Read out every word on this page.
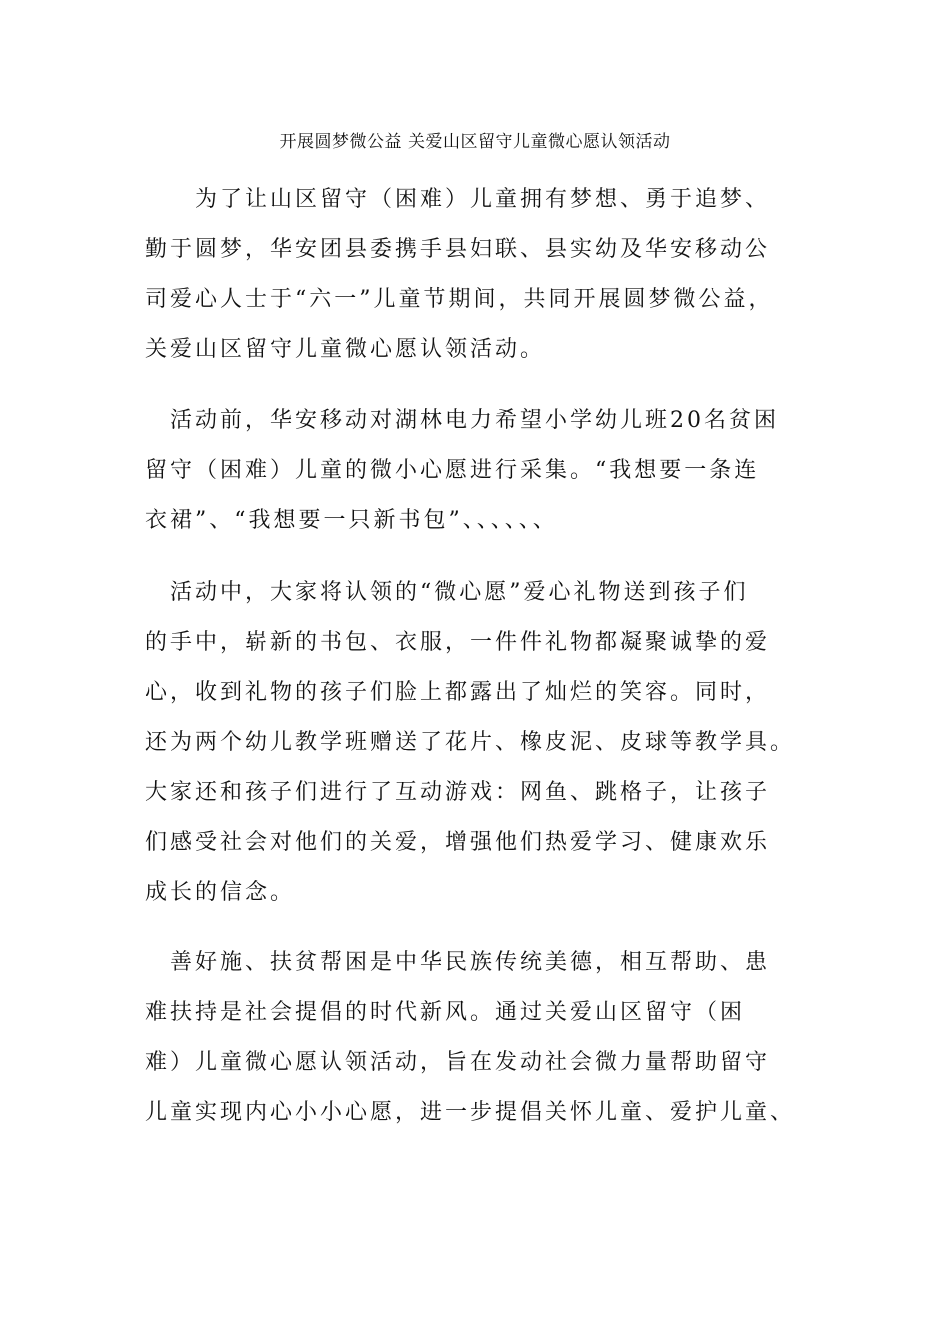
开展圆梦微公益 关爱山区留守儿童微心愿认领活动
　　为了让山区留守（困难）儿童拥有梦想、勇于追梦、
勤于圆梦，华安团县委携手县妇联、县实幼及华安移动公
司爱心人士于“六一”儿童节期间，共同开展圆梦微公益，
关爱山区留守儿童微心愿认领活动。
　活动前，华安移动对湖林电力希望小学幼儿班20名贫困
留守（困难）儿童的微小心愿进行采集。“我想要一条连
衣裙”、“我想要一只新书包”、、、、、、
　活动中，大家将认领的“微心愿”爱心礼物送到孩子们
的手中，崭新的书包、衣服，一件件礼物都凝聚诚挚的爱
心，收到礼物的孩子们脸上都露出了灿烂的笑容。同时，
还为两个幼儿教学班赠送了花片、橡皮泥、皮球等教学具。
大家还和孩子们进行了互动游戏：网鱼、跳格子，让孩子
们感受社会对他们的关爱，增强他们热爱学习、健康欢乐
成长的信念。
　善好施、扶贫帮困是中华民族传统美德，相互帮助、患
难扶持是社会提倡的时代新风。通过关爱山区留守（困
难）儿童微心愿认领活动，旨在发动社会微力量帮助留守
儿童实现内心小小心愿，进一步提倡关怀儿童、爱护儿童、
